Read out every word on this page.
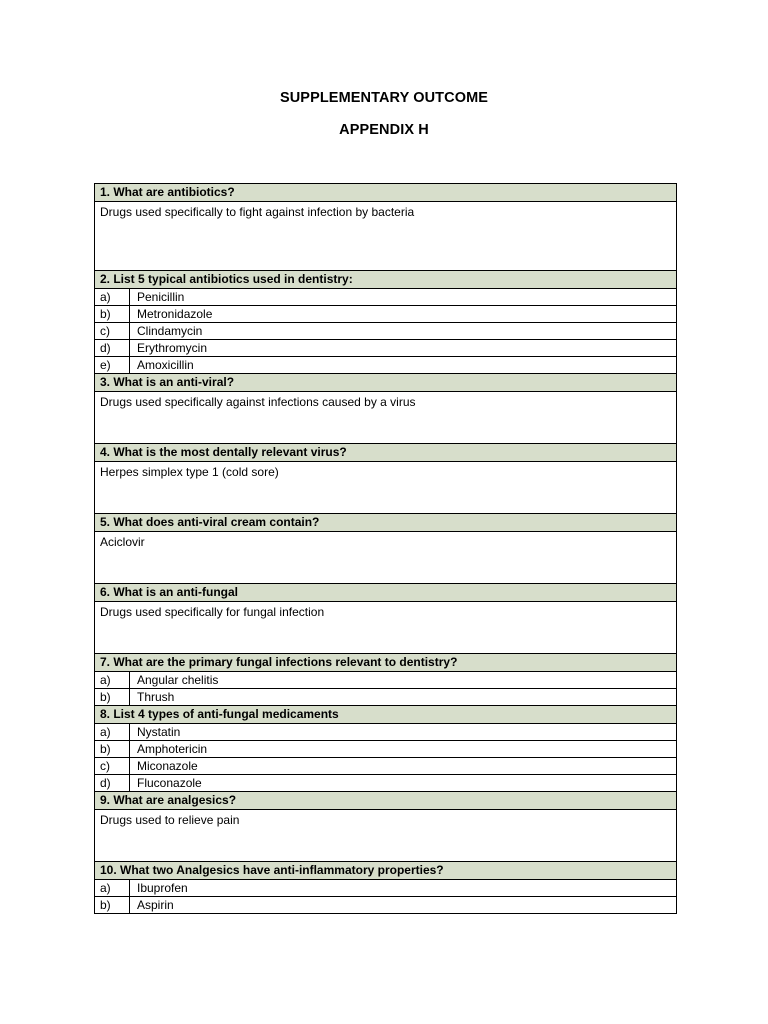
SUPPLEMENTARY OUTCOME
APPENDIX H
1. What are antibiotics?
Drugs used specifically to fight against infection by bacteria
2. List 5 typical antibiotics used in dentistry:
a)	Penicillin
b)	Metronidazole
c)	Clindamycin
d)	Erythromycin
e)	Amoxicillin
3. What is an anti-viral?
Drugs used specifically against infections caused by a virus
4. What is the most dentally relevant virus?
Herpes simplex type 1 (cold sore)
5. What does anti-viral cream contain?
Aciclovir
6. What is an anti-fungal
Drugs used specifically for fungal infection
7. What are the primary fungal infections relevant to dentistry?
a)	Angular chelitis
b)	Thrush
8. List 4 types of anti-fungal medicaments
a)	Nystatin
b)	Amphotericin
c)	Miconazole
d)	Fluconazole
9. What are analgesics?
Drugs used to relieve pain
10. What two Analgesics have anti-inflammatory properties?
a)	Ibuprofen
b)	Aspirin
